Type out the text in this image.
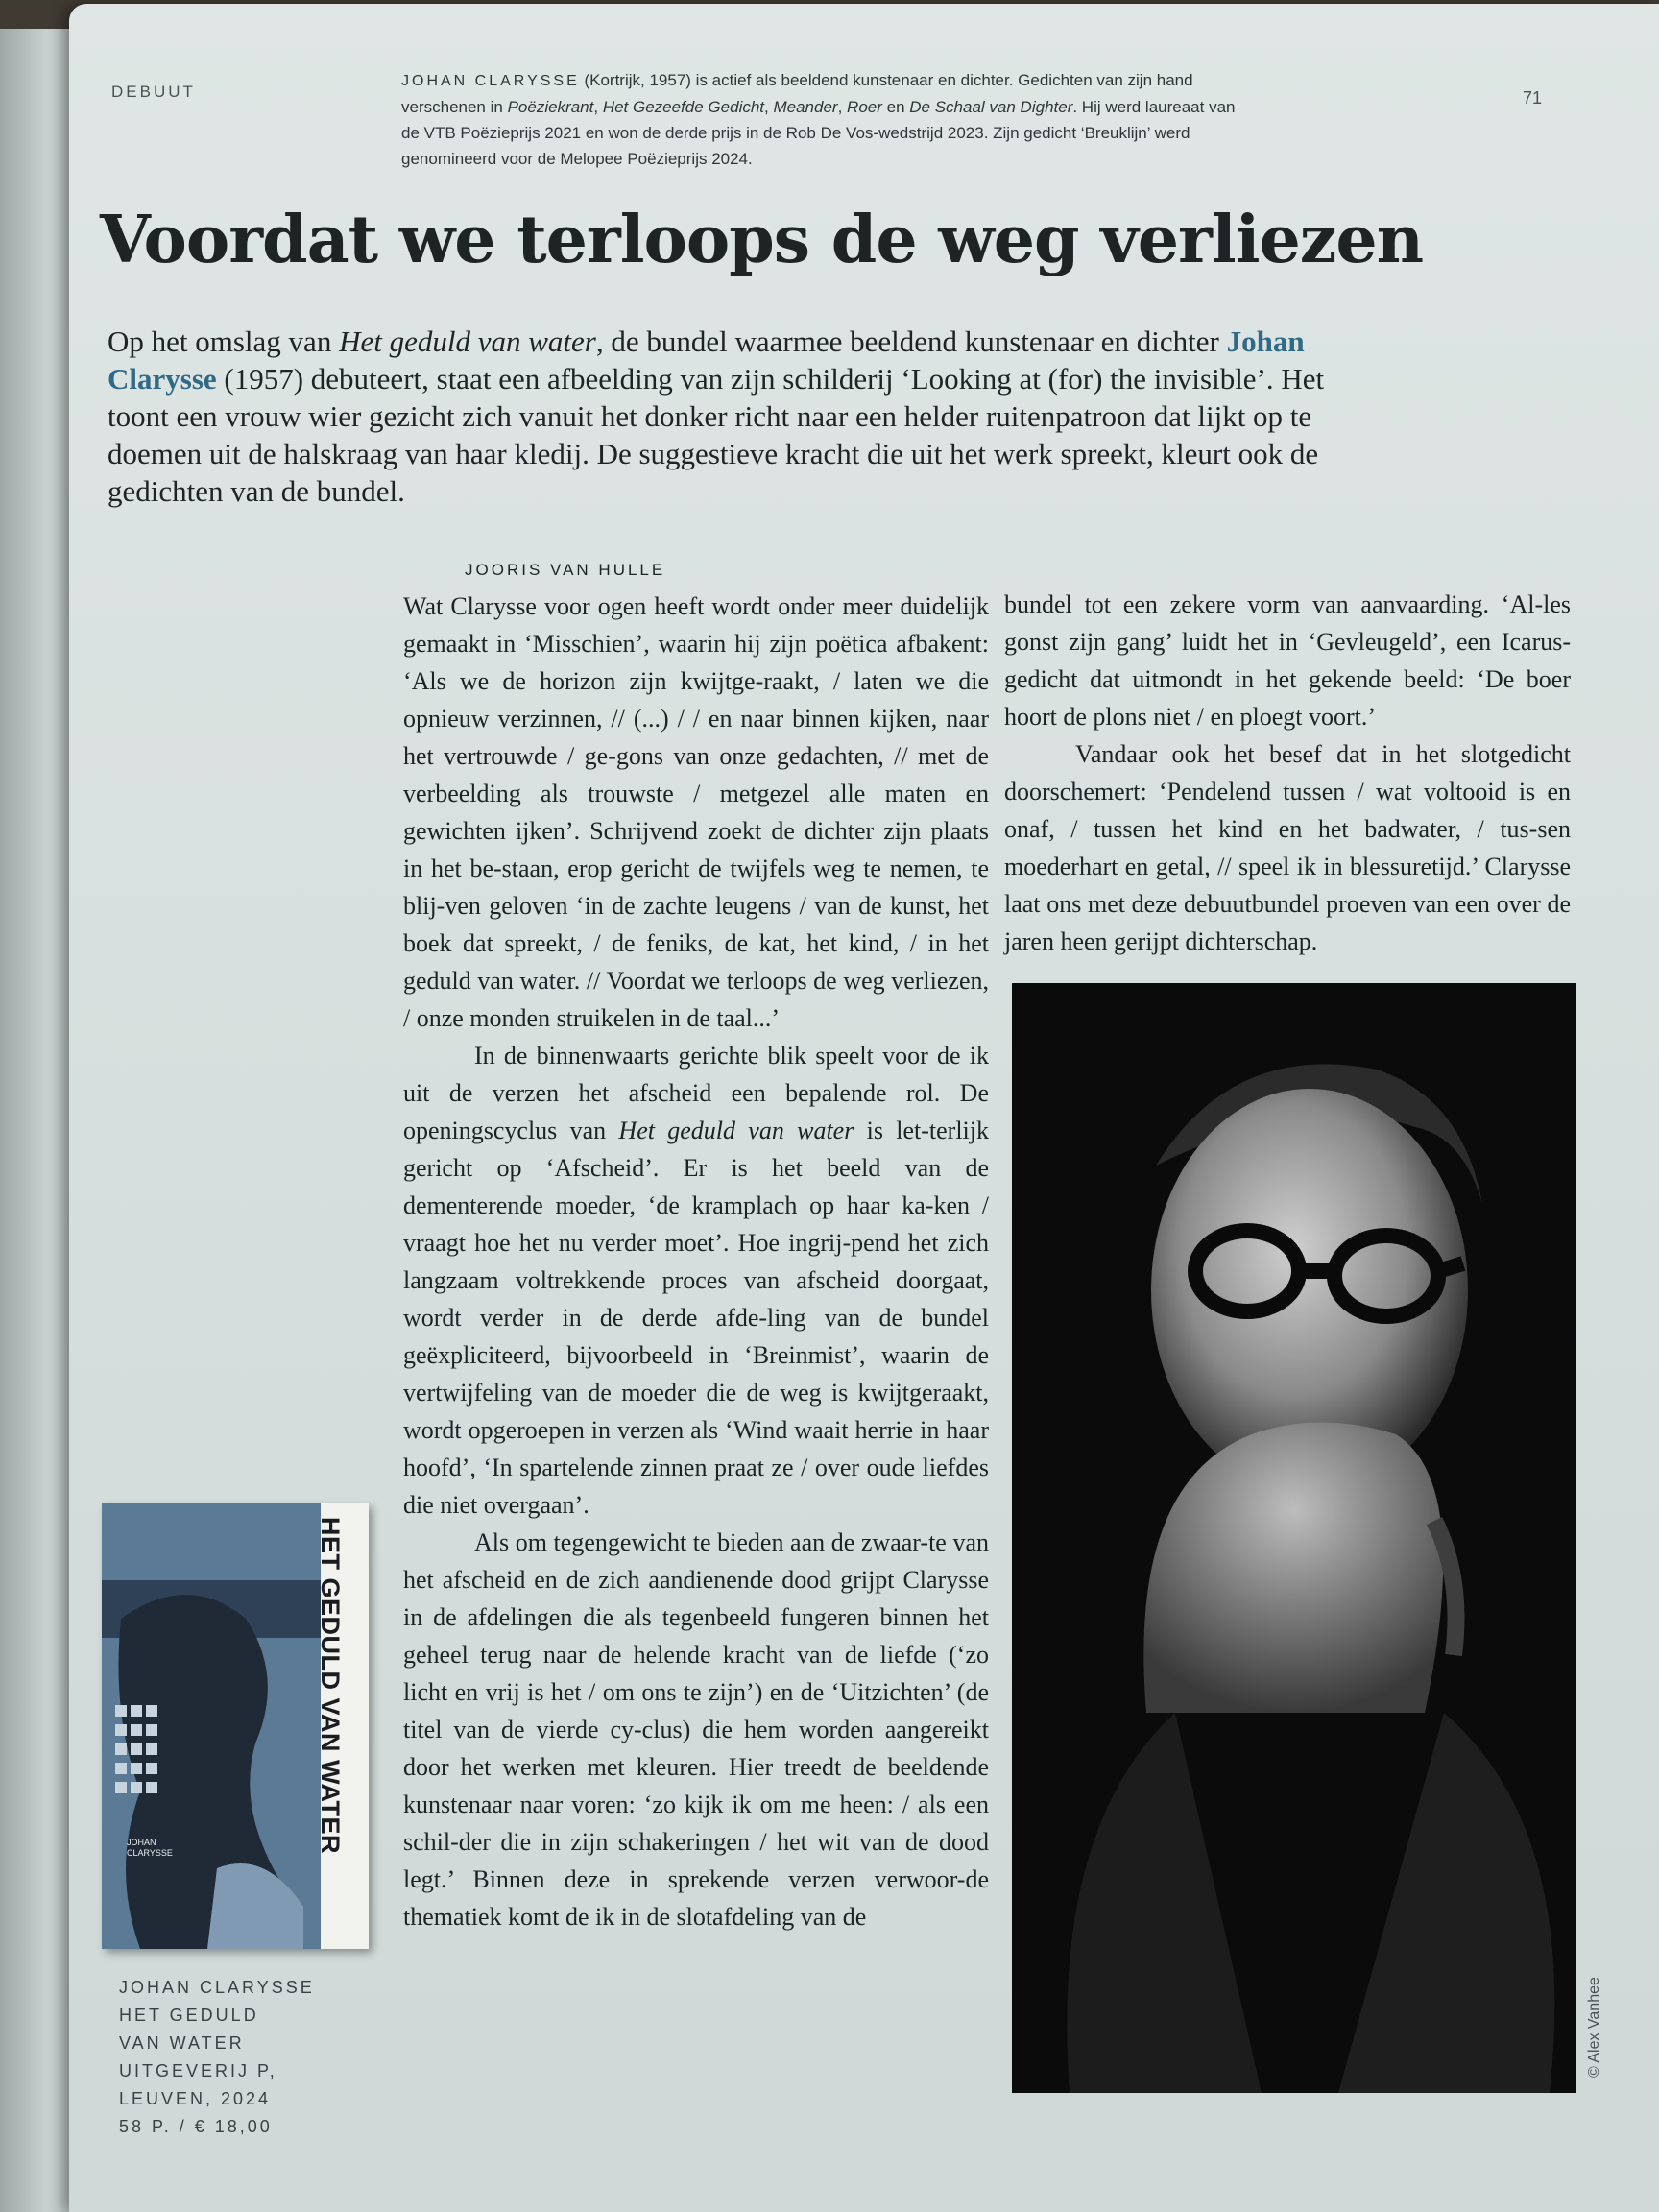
DEBUUT	71
JOHAN CLARYSSE (Kortrijk, 1957) is actief als beeldend kunstenaar en dichter. Gedichten van zijn hand verschenen in Poëziekrant, Het Gezeefde Gedicht, Meander, Roer en De Schaal van Dighter. Hij werd laureaat van de VTB Poëzieprijs 2021 en won de derde prijs in de Rob De Vos-wedstrijd 2023. Zijn gedicht ‘Breuklijn’ werd genomineerd voor de Melopee Poëzieprijs 2024.
Voordat we terloops de weg verliezen
Op het omslag van Het geduld van water, de bundel waarmee beeldend kunstenaar en dichter Johan Clarysse (1957) debuteert, staat een afbeelding van zijn schilderij ‘Looking at (for) the invisible’. Het toont een vrouw wier gezicht zich vanuit het donker richt naar een helder ruitenpatroon dat lijkt op te doemen uit de halskraag van haar kledij. De suggestieve kracht die uit het werk spreekt, kleurt ook de gedichten van de bundel.
JOORIS VAN HULLE

Wat Clarysse voor ogen heeft wordt onder meer duidelijk gemaakt in ‘Misschien’, waarin hij zijn poëtica afbakent: ‘Als we de horizon zijn kwijtge-raakt, / laten we die opnieuw verzinnen, // (...) / / en naar binnen kijken, naar het vertrouwde / ge-gons van onze gedachten, // met de verbeelding als trouwste / metgezel alle maten en gewichten ijken’. Schrijvend zoekt de dichter zijn plaats in het be-staan, erop gericht de twijfels weg te nemen, te blij-ven geloven ‘in de zachte leugens / van de kunst, het boek dat spreekt, / de feniks, de kat, het kind, / in het geduld van water. // Voordat we terloops de weg verliezen, / onze monden struikelen in de taal...’

In de binnenwaarts gerichte blik speelt voor de ik uit de verzen het afscheid een bepalende rol. De openingscyclus van Het geduld van water is let-terlijk gericht op ‘Afscheid’. Er is het beeld van de dementerende moeder, ‘de kramplach op haar ka-ken / vraagt hoe het nu verder moet’. Hoe ingrij-pend het zich langzaam voltrekkende proces van afscheid doorgaat, wordt verder in de derde afde-ling van de bundel geëxpliciteerd, bijvoorbeeld in ‘Breinmist’, waarin de vertwijfeling van de moeder die de weg is kwijtgeraakt, wordt opgeroepen in verzen als ‘Wind waait herrie in haar hoofd’, ‘In spartelende zinnen praat ze / over oude liefdes die niet overgaan’.

Als om tegengewicht te bieden aan de zwaar-te van het afscheid en de zich aandienende dood grijpt Clarysse in de afdelingen die als tegenbeeld fungeren binnen het geheel terug naar de helende kracht van de liefde (‘zo licht en vrij is het / om ons te zijn’) en de ‘Uitzichten’ (de titel van de vierde cy-clus) die hem worden aangereikt door het werken met kleuren. Hier treedt de beeldende kunstenaar naar voren: ‘zo kijk ik om me heen: / als een schil-der die in zijn schakeringen / het wit van de dood legt.’ Binnen deze in sprekende verzen verwoor-de thematiek komt de ik in de slotafdeling van de

bundel tot een zekere vorm van aanvaarding. ‘Al-les gonst zijn gang’ luidt het in ‘Gevleugeld’, een Icarus-gedicht dat uitmondt in het gekende beeld: ‘De boer hoort de plons niet / en ploegt voort.’

Vandaar ook het besef dat in het slotgedicht doorschemert: ‘Pendelend tussen / wat voltooid is en onaf, / tussen het kind en het badwater, / tus-sen moederhart en getal, // speel ik in blessuretijd.’ Clarysse laat ons met deze debuutbundel proeven van een over de jaren heen gerijpt dichterschap.

© Alex Vanhee
HET GEDULD VAN WATER
JOHAN
CLARYSSE
JOHAN CLARYSSE
HET GEDULD
VAN WATER
UITGEVERIJ P,
LEUVEN, 2024
58 P. / € 18,00
